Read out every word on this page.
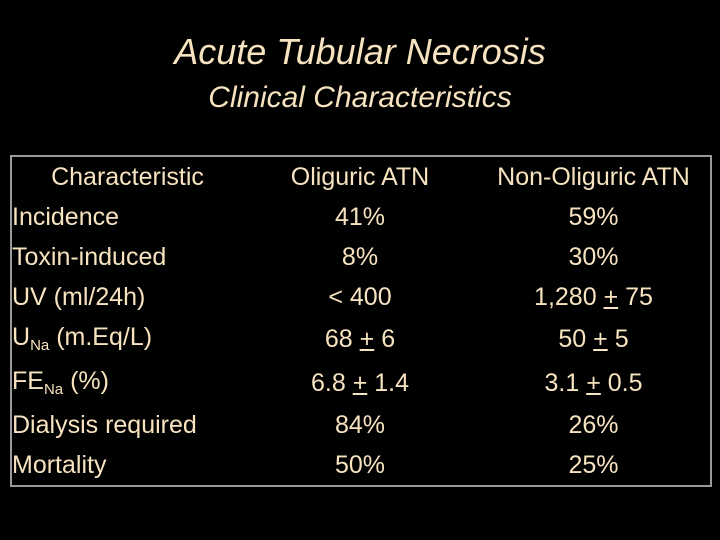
Acute Tubular Necrosis
Clinical Characteristics
Characteristic	Oliguric ATN	Non-Oliguric ATN
Incidence	41%	59%
Toxin-induced	8%	30%
UV (ml/24h)	< 400	1,280 + 75
$U_{Na}$ (m.Eq/L)	68 + 6	50 + 5
$FE_{Na}$ (%)	6.8 + 1.4	3.1 + 0.5
Dialysis required	84%	26%
Mortality	50%	25%
